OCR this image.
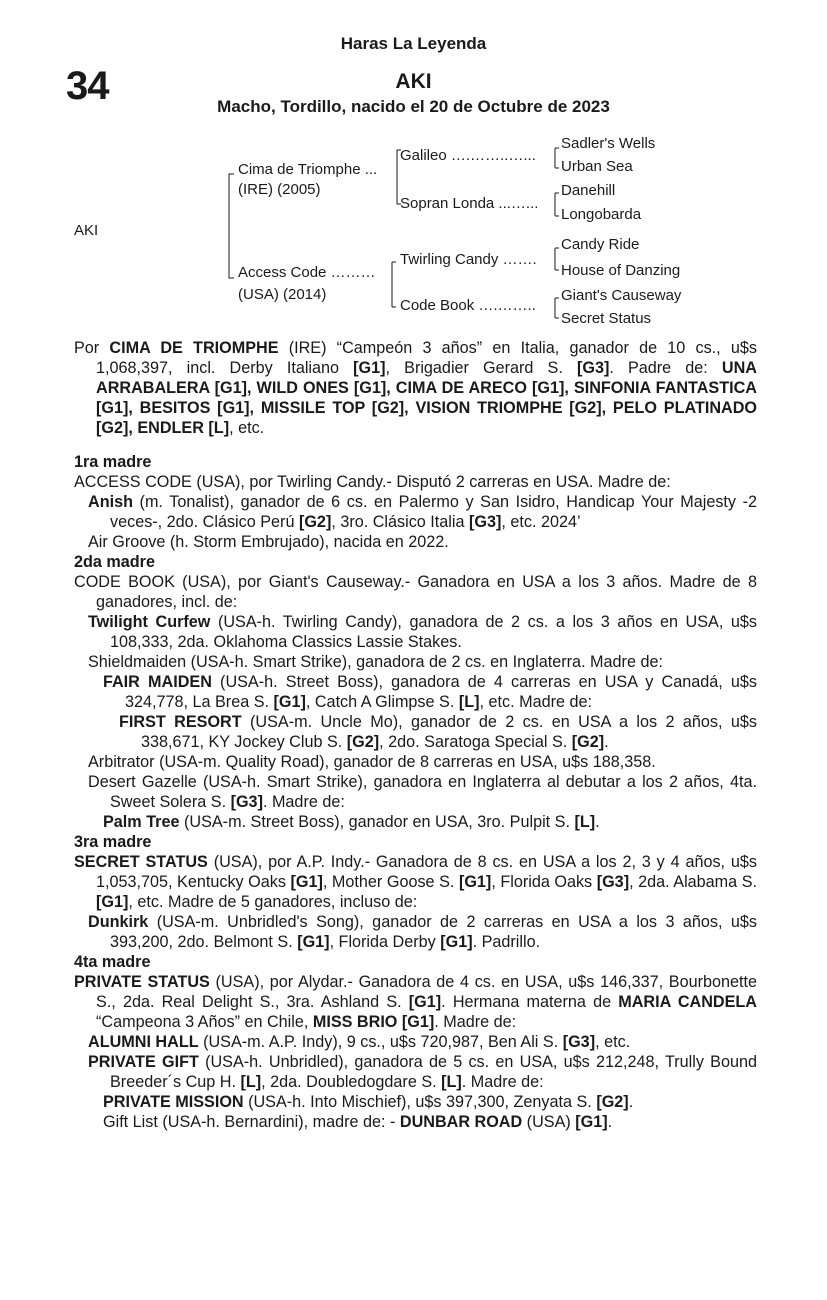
Haras La Leyenda
34	AKI
Macho, Tordillo, nacido el 20 de Octubre de 2023
AKI
Cima de Triomphe ...
(IRE) (2005)
Access Code ………
(USA) (2014)
Galileo ….……..…...
Sopran Londa ...…...
Twirling Candy …….
Code Book ….……..
Sadler's Wells
Urban Sea
Danehill
Longobarda
Candy Ride
House of Danzing
Giant's Causeway
Secret Status

Por CIMA DE TRIOMPHE (IRE) “Campeón 3 años” en Italia, ganador de 10 cs., u$s 1,068,397, incl. Derby Italiano [G1], Brigadier Gerard S. [G3]. Padre de: UNA ARRABALERA [G1], WILD ONES [G1], CIMA DE ARECO [G1], SINFONIA FANTASTICA [G1], BESITOS [G1], MISSILE TOP [G2], VISION TRIOMPHE [G2], PELO PLATINADO [G2], ENDLER [L], etc.

1ra madre

ACCESS CODE (USA), por Twirling Candy.- Disputó 2 carreras en USA. Madre de:

Anish (m. Tonalist), ganador de 6 cs. en Palermo y San Isidro, Handicap Your Majesty -2 veces-, 2do. Clásico Perú [G2], 3ro. Clásico Italia [G3], etc. 2024’

Air Groove (h. Storm Embrujado), nacida en 2022.

2da madre

CODE BOOK (USA), por Giant's Causeway.- Ganadora en USA a los 3 años. Madre de 8 ganadores, incl. de:

Twilight Curfew (USA-h. Twirling Candy), ganadora de 2 cs. a los 3 años en USA, u$s 108,333, 2da. Oklahoma Classics Lassie Stakes.

Shieldmaiden (USA-h. Smart Strike), ganadora de 2 cs. en Inglaterra. Madre de:

FAIR MAIDEN (USA-h. Street Boss), ganadora de 4 carreras en USA y Canadá, u$s 324,778, La Brea S. [G1], Catch A Glimpse S. [L], etc. Madre de:

FIRST RESORT (USA-m. Uncle Mo), ganador de 2 cs. en USA a los 2 años, u$s 338,671, KY Jockey Club S. [G2], 2do. Saratoga Special S. [G2].

Arbitrator (USA-m. Quality Road), ganador de 8 carreras en USA, u$s 188,358.

Desert Gazelle (USA-h. Smart Strike), ganadora en Inglaterra al debutar a los 2 años, 4ta. Sweet Solera S. [G3]. Madre de:

Palm Tree (USA-m. Street Boss), ganador en USA, 3ro. Pulpit S. [L].

3ra madre

SECRET STATUS (USA), por A.P. Indy.- Ganadora de 8 cs. en USA a los 2, 3 y 4 años, u$s 1,053,705, Kentucky Oaks [G1], Mother Goose S. [G1], Florida Oaks [G3], 2da. Alabama S. [G1], etc. Madre de 5 ganadores, incluso de:

Dunkirk (USA-m. Unbridled's Song), ganador de 2 carreras en USA a los 3 años, u$s 393,200, 2do. Belmont S. [G1], Florida Derby [G1]. Padrillo.

4ta madre

PRIVATE STATUS (USA), por Alydar.- Ganadora de 4 cs. en USA, u$s 146,337, Bourbonette S., 2da. Real Delight S., 3ra. Ashland S. [G1]. Hermana materna de MARIA CANDELA “Campeona 3 Años” en Chile, MISS BRIO [G1]. Madre de:

ALUMNI HALL (USA-m. A.P. Indy), 9 cs., u$s 720,987, Ben Ali S. [G3], etc.

PRIVATE GIFT (USA-h. Unbridled), ganadora de 5 cs. en USA, u$s 212,248, Trully Bound Breeder´s Cup H. [L], 2da. Doubledogdare S. [L]. Madre de:

PRIVATE MISSION (USA-h. Into Mischief), u$s 397,300, Zenyata S. [G2].

Gift List (USA-h. Bernardini), madre de: - DUNBAR ROAD (USA) [G1].
